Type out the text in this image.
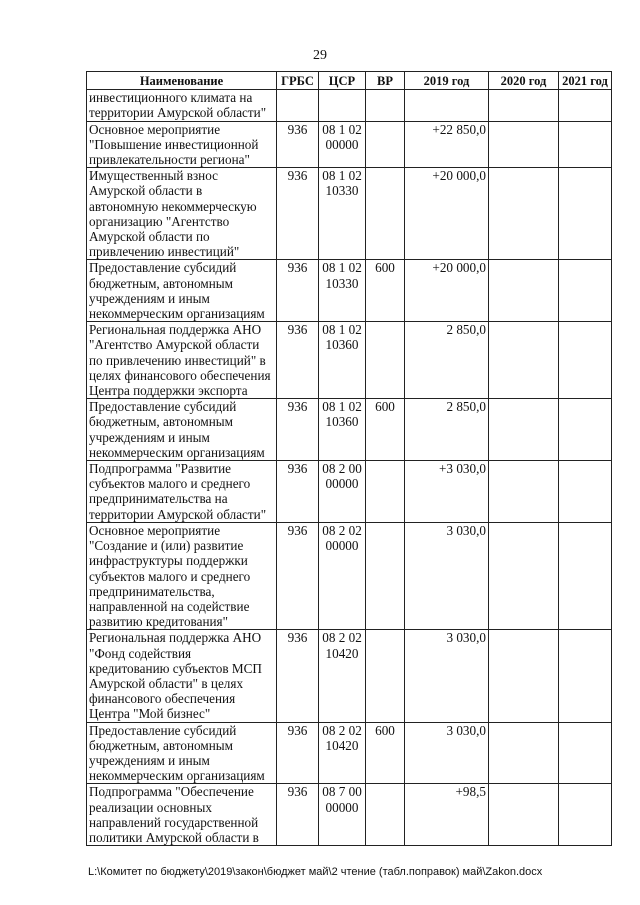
29
Наименование	ГРБС	ЦСР	ВР	2019 год	2020 год	2021 год
инвестиционного климата на территории Амурской области"						
Основное мероприятие "Повышение инвестиционной привлекательности региона"	936	08 1 02 00000		+22 850,0		
Имущественный взнос Амурской области в автономную некоммерческую организацию "Агентство Амурской области по привлечению инвестиций"	936	08 1 02 10330		+20 000,0		
Предоставление субсидий бюджетным, автономным учреждениям и иным некоммерческим организациям	936	08 1 02 10330	600	+20 000,0		
Региональная поддержка АНО "Агентство Амурской области по привлечению инвестиций" в целях финансового обеспечения Центра поддержки экспорта	936	08 1 02 10360		2 850,0		
Предоставление субсидий бюджетным, автономным учреждениям и иным некоммерческим организациям	936	08 1 02 10360	600	2 850,0		
Подпрограмма "Развитие субъектов малого и среднего предпринимательства на территории Амурской области"	936	08 2 00 00000		+3 030,0		
Основное мероприятие "Создание и (или) развитие инфраструктуры поддержки субъектов малого и среднего предпринимательства, направленной на содействие развитию кредитования"	936	08 2 02 00000		3 030,0		
Региональная поддержка АНО "Фонд содействия кредитованию субъектов МСП Амурской области" в целях финансового обеспечения Центра "Мой бизнес"	936	08 2 02 10420		3 030,0		
Предоставление субсидий бюджетным, автономным учреждениям и иным некоммерческим организациям	936	08 2 02 10420	600	3 030,0		
Подпрограмма "Обеспечение реализации основных направлений государственной политики Амурской области в	936	08 7 00 00000		+98,5		
L:\Комитет по бюджету\2019\закон\бюджет май\2 чтение (табл.поправок) май\Zakon.docx
